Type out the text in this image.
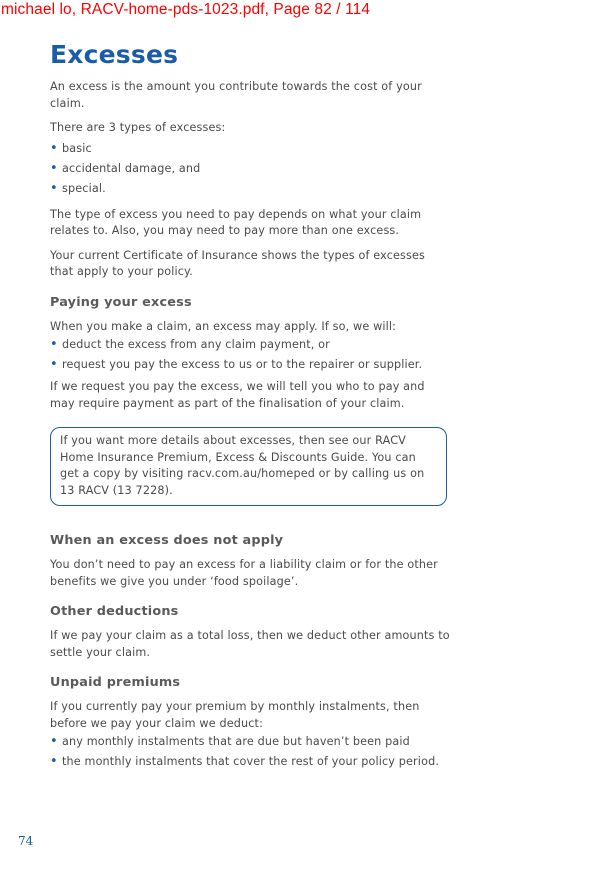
michael lo, RACV-home-pds-1023.pdf, Page 82 / 114
Excesses

An excess is the amount you contribute towards the cost of your claim.

There are 3 types of excesses:

• basic
• accidental damage, and
• special.

The type of excess you need to pay depends on what your claim relates to. Also, you may need to pay more than one excess.

Your current Certificate of Insurance shows the types of excesses that apply to your policy.

Paying your excess

When you make a claim, an excess may apply. If so, we will:

• deduct the excess from any claim payment, or
• request you pay the excess to us or to the repairer or supplier.

If we request you pay the excess, we will tell you who to pay and may require payment as part of the finalisation of your claim.

If you want more details about excesses, then see our RACV Home Insurance Premium, Excess & Discounts Guide. You can get a copy by visiting racv.com.au/homeped or by calling us on 13 RACV (13 7228).

When an excess does not apply

You don’t need to pay an excess for a liability claim or for the other benefits we give you under ‘food spoilage’.

Other deductions

If we pay your claim as a total loss, then we deduct other amounts to settle your claim.

Unpaid premiums

If you currently pay your premium by monthly instalments, then before we pay your claim we deduct:

• any monthly instalments that are due but haven’t been paid
• the monthly instalments that cover the rest of your policy period.
74
